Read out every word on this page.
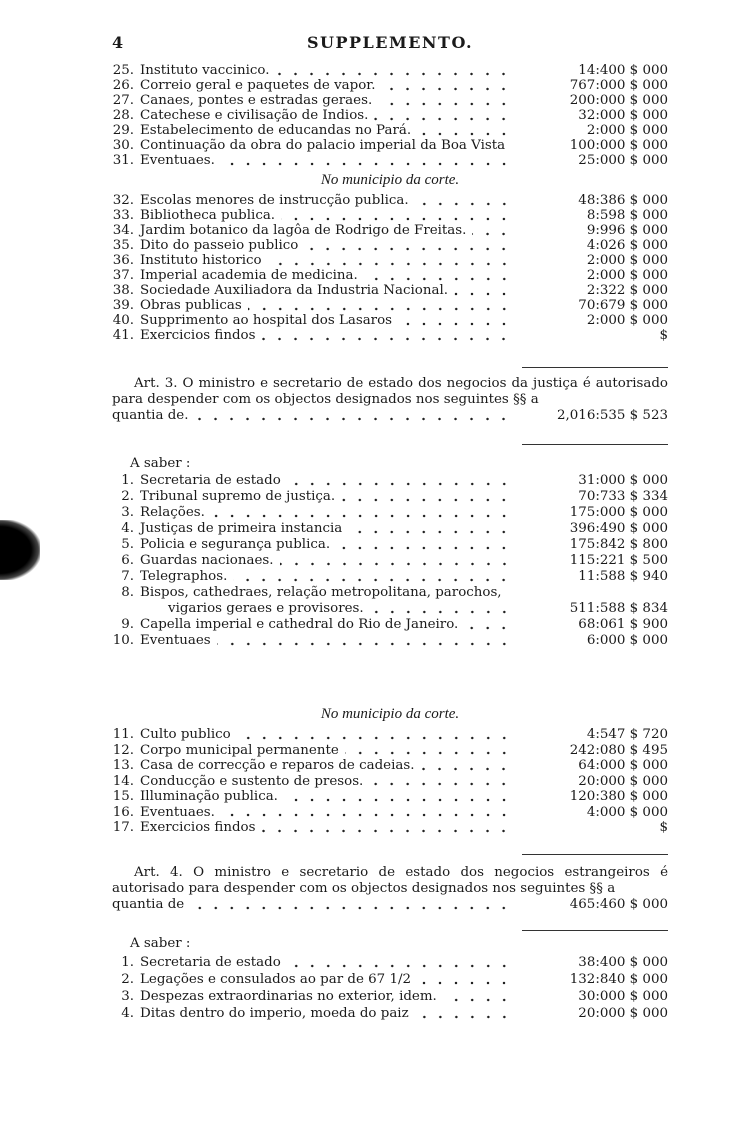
4	SUPPLEMENTO.
25. Instituto vaccinico.	14:400 $ 000
26. Correio geral e paquetes de vapor.	767:000 $ 000
27. Canaes, pontes e estradas geraes.	200:000 $ 000
28. Catechese e civilisação de Indios.	32:000 $ 000
29. Estabelecimento de educandas no Pará.	2:000 $ 000
30. Continuação da obra do palacio imperial da Boa Vista	100:000 $ 000
31. Eventuaes.	25:000 $ 000
No municipio da corte.
32. Escolas menores de instrucção publica.	48:386 $ 000
33. Bibliotheca publica.	8:598 $ 000
34. Jardim botanico da lagôa de Rodrigo de Freitas.	9:996 $ 000
35. Dito do passeio publico	4:026 $ 000
36. Instituto historico	2:000 $ 000
37. Imperial academia de medicina.	2:000 $ 000
38. Sociedade Auxiliadora da Industria Nacional.	2:322 $ 000
39. Obras publicas	70:679 $ 000
40. Supprimento ao hospital dos Lasaros	2:000 $ 000
41. Exercicios findos	$
Art. 3. O ministro e secretario de estado dos negocios da justiça é autorisado para despender com os objectos designados nos seguintes §§ a
quantia de.	2,016:535 $ 523
A saber :
1. Secretaria de estado	31:000 $ 000
2. Tribunal supremo de justiça.	70:733 $ 334
3. Relações.	175:000 $ 000
4. Justiças de primeira instancia	396:490 $ 000
5. Policia e segurança publica.	175:842 $ 800
6. Guardas nacionaes.	115:221 $ 500
7. Telegraphos.	11:588 $ 940
8. Bispos, cathedraes, relação metropolitana, parochos,
vigarios geraes e provisores.	511:588 $ 834
9. Capella imperial e cathedral do Rio de Janeiro.	68:061 $ 900
10. Eventuaes	6:000 $ 000
No municipio da corte.
11. Culto publico	4:547 $ 720
12. Corpo municipal permanente	242:080 $ 495
13. Casa de correcção e reparos de cadeias.	64:000 $ 000
14. Conducção e sustento de presos.	20:000 $ 000
15. Illuminação publica.	120:380 $ 000
16. Eventuaes.	4:000 $ 000
17. Exercicios findos	$
Art. 4. O ministro e secretario de estado dos negocios estrangeiros é autorisado para despender com os objectos designados nos seguintes §§ a
quantia de	465:460 $ 000
A saber :
1. Secretaria de estado	38:400 $ 000
2. Legações e consulados ao par de 67 1/2	132:840 $ 000
3. Despezas extraordinarias no exterior, idem.	30:000 $ 000
4. Ditas dentro do imperio, moeda do paiz	20:000 $ 000
